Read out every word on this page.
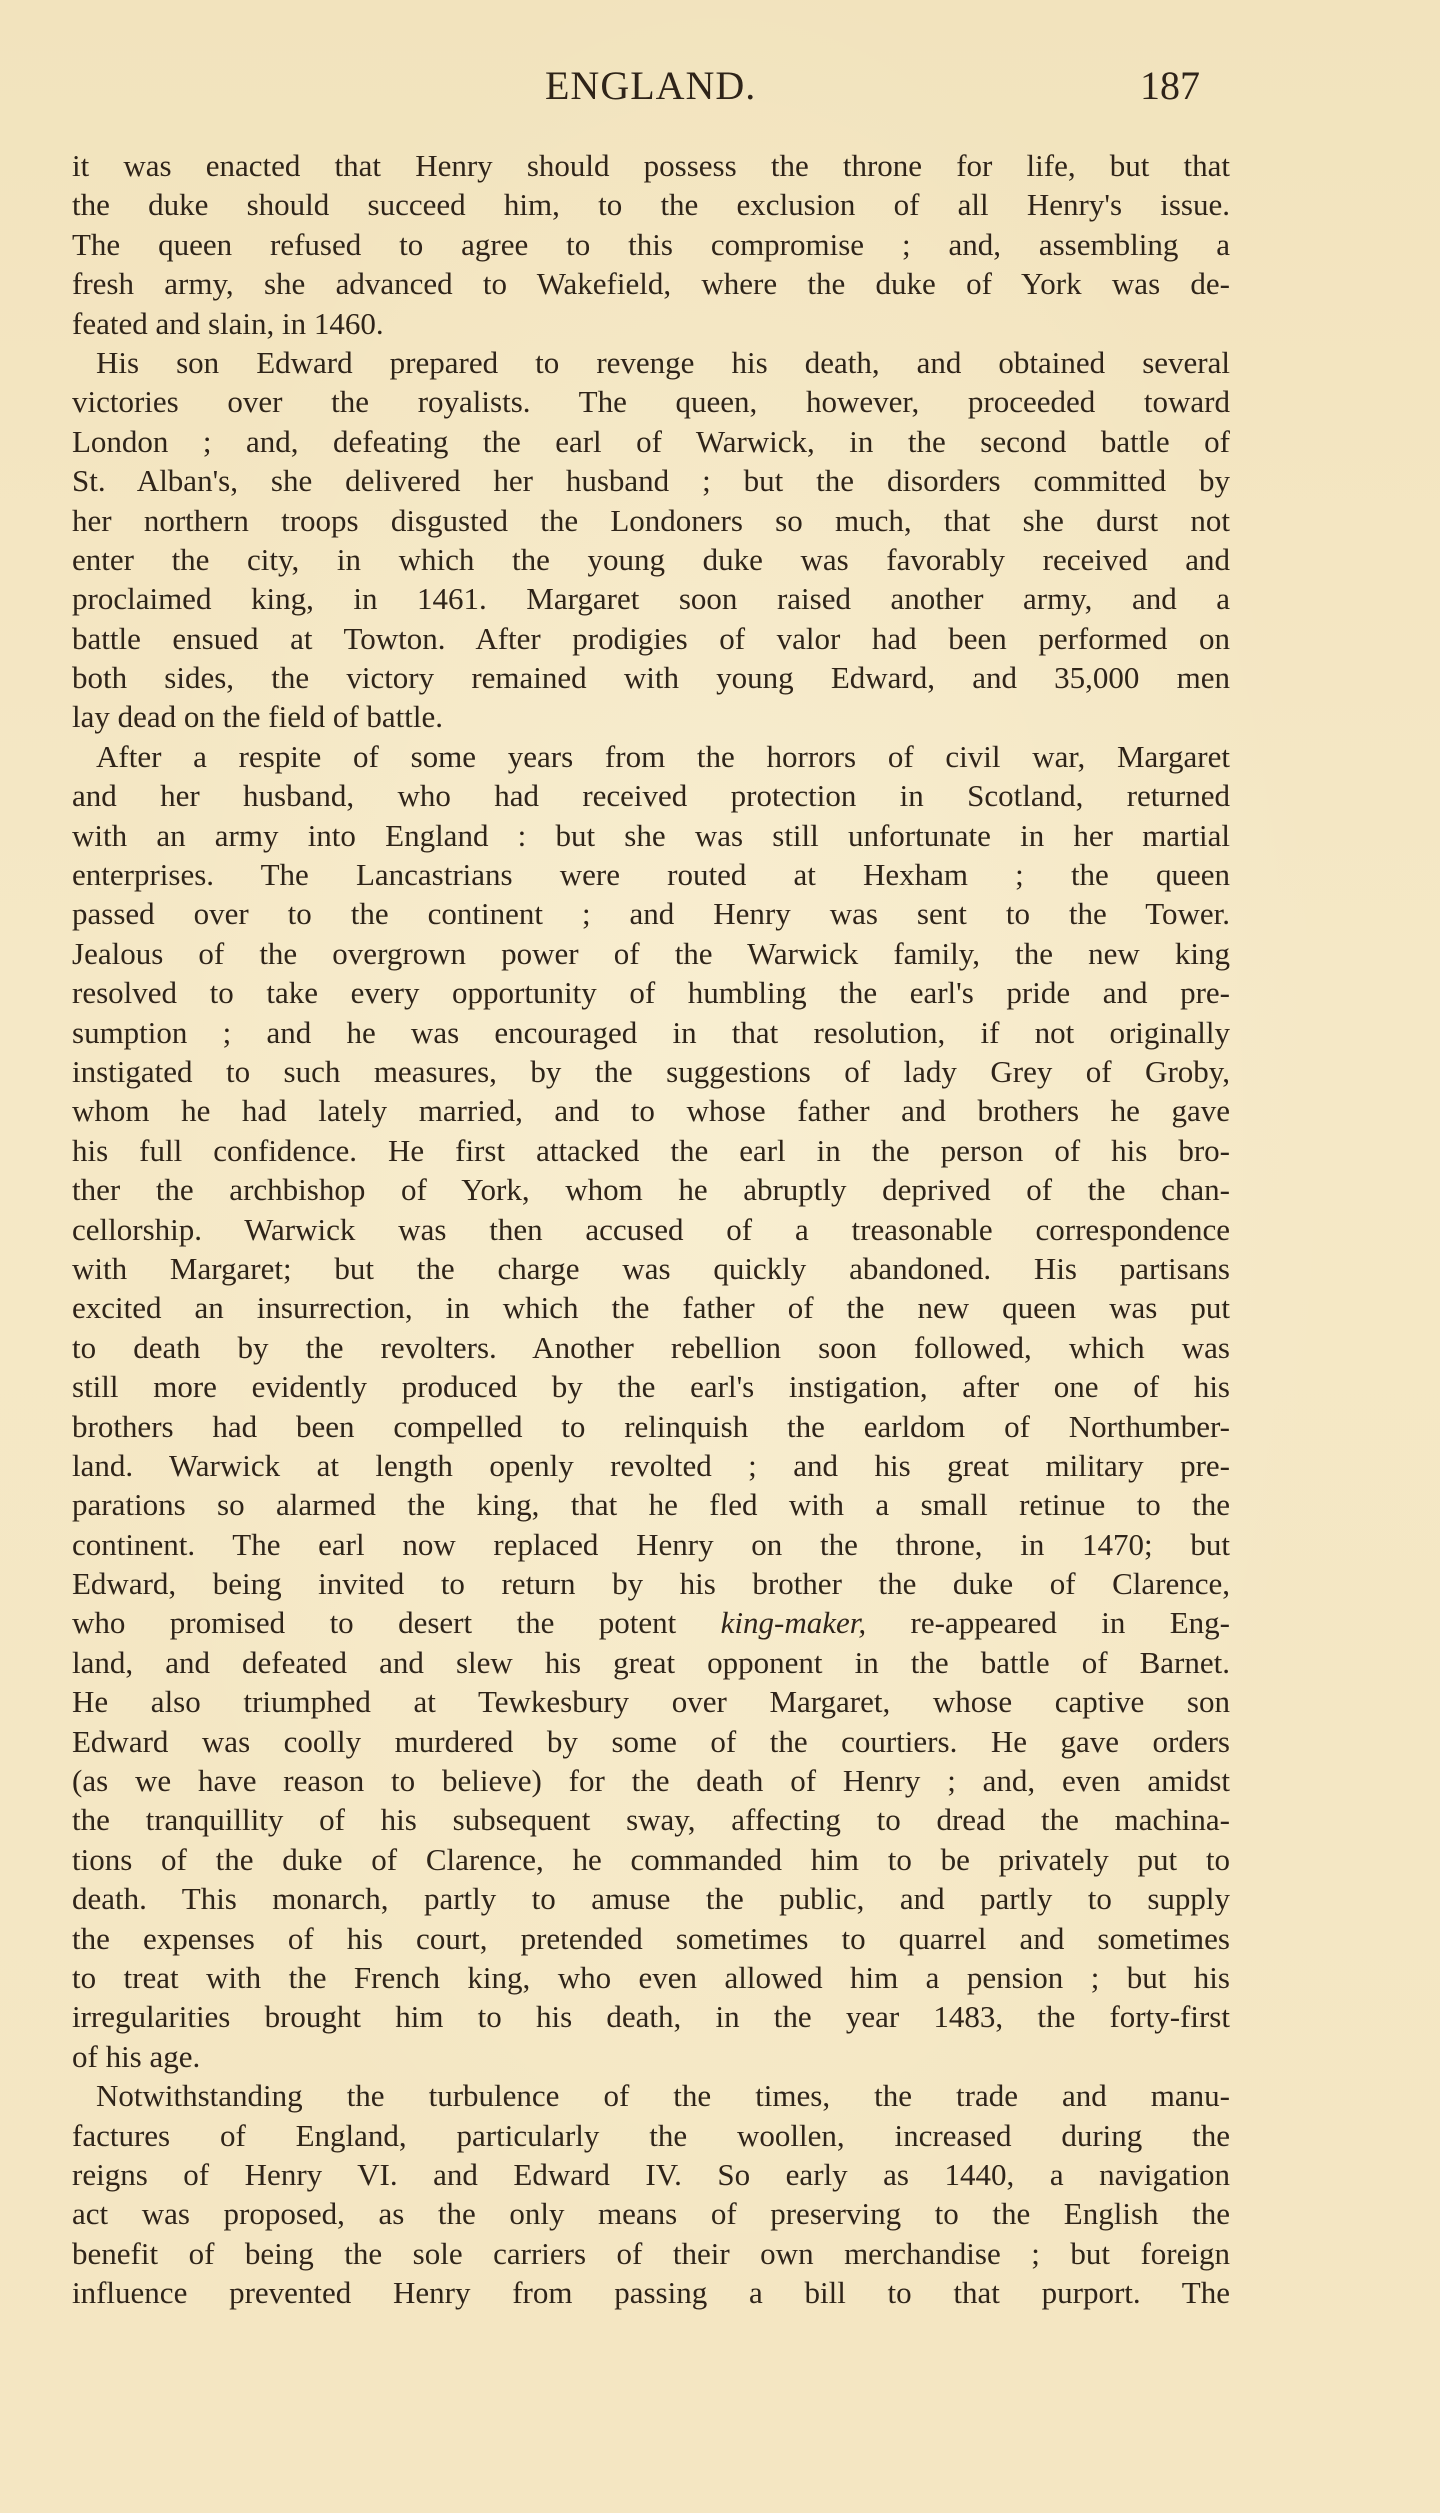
ENGLAND.	187
it was enacted that Henry should possess the throne for life, but that
the duke should succeed him, to the exclusion of all Henry's issue.
The queen refused to agree to this compromise ; and, assembling a
fresh army, she advanced to Wakefield, where the duke of York was de-
feated and slain, in 1460.
His son Edward prepared to revenge his death, and obtained several
victories over the royalists. The queen, however, proceeded toward
London ; and, defeating the earl of Warwick, in the second battle of
St. Alban's, she delivered her husband ; but the disorders committed by
her northern troops disgusted the Londoners so much, that she durst not
enter the city, in which the young duke was favorably received and
proclaimed king, in 1461. Margaret soon raised another army, and a
battle ensued at Towton. After prodigies of valor had been performed on
both sides, the victory remained with young Edward, and 35,000 men
lay dead on the field of battle.
After a respite of some years from the horrors of civil war, Margaret
and her husband, who had received protection in Scotland, returned
with an army into England : but she was still unfortunate in her martial
enterprises. The Lancastrians were routed at Hexham ; the queen
passed over to the continent ; and Henry was sent to the Tower.
Jealous of the overgrown power of the Warwick family, the new king
resolved to take every opportunity of humbling the earl's pride and pre-
sumption ; and he was encouraged in that resolution, if not originally
instigated to such measures, by the suggestions of lady Grey of Groby,
whom he had lately married, and to whose father and brothers he gave
his full confidence. He first attacked the earl in the person of his bro-
ther the archbishop of York, whom he abruptly deprived of the chan-
cellorship. Warwick was then accused of a treasonable correspondence
with Margaret; but the charge was quickly abandoned. His partisans
excited an insurrection, in which the father of the new queen was put
to death by the revolters. Another rebellion soon followed, which was
still more evidently produced by the earl's instigation, after one of his
brothers had been compelled to relinquish the earldom of Northumber-
land. Warwick at length openly revolted ; and his great military pre-
parations so alarmed the king, that he fled with a small retinue to the
continent. The earl now replaced Henry on the throne, in 1470; but
Edward, being invited to return by his brother the duke of Clarence,
who promised to desert the potent king-maker, re-appeared in Eng-
land, and defeated and slew his great opponent in the battle of Barnet.
He also triumphed at Tewkesbury over Margaret, whose captive son
Edward was coolly murdered by some of the courtiers. He gave orders
(as we have reason to believe) for the death of Henry ; and, even amidst
the tranquillity of his subsequent sway, affecting to dread the machina-
tions of the duke of Clarence, he commanded him to be privately put to
death. This monarch, partly to amuse the public, and partly to supply
the expenses of his court, pretended sometimes to quarrel and sometimes
to treat with the French king, who even allowed him a pension ; but his
irregularities brought him to his death, in the year 1483, the forty-first
of his age.
Notwithstanding the turbulence of the times, the trade and manu-
factures of England, particularly the woollen, increased during the
reigns of Henry VI. and Edward IV. So early as 1440, a navigation
act was proposed, as the only means of preserving to the English the
benefit of being the sole carriers of their own merchandise ; but foreign
influence prevented Henry from passing a bill to that purport. The
